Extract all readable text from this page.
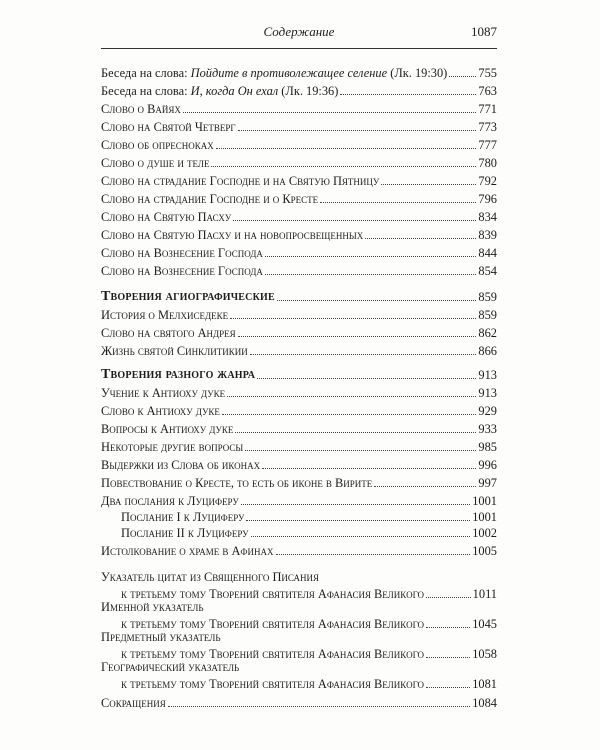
Содержание	1087
Беседа на слова: Пойдите в противолежащее селение (Лк. 19:30)	755
Беседа на слова: И, когда Он ехал (Лк. 19:36)	763
Слово о Вайях	771
Слово на Святой Четверг	773
Слово об опресноках	777
Слово о душе и теле	780
Слово на страдание Господне и на Святую Пятницу	792
Слово на страдание Господне и о Кресте	796
Слово на Святую Пасху	834
Слово на Святую Пасху и на новопросвещенных	839
Слово на Вознесение Господа	844
Слово на Вознесение Господа	854
Творения агиографические	859
История о Мелхиседеке	859
Слово на святого Андрея	862
Жизнь святой Синклитикии	866
Творения разного жанра	913
Учение к Антиоху дуке	913
Слово к Антиоху дуке	929
Вопросы к Антиоху дуке	933
Некоторые другие вопросы	985
Выдержки из Слова об иконах	996
Повествование о Кресте, то есть об иконе в Вирите	997
Два послания к Луциферу	1001
Послание I к Луциферу	1001
Послание II к Луциферу	1002
Истолкование о храме в Афинах	1005
Указатель цитат из Священного Писания
к третьему тому Творений святителя Афанасия Великого	1011
Именной указатель
к третьему тому Творений святителя Афанасия Великого	1045
Предметный указатель
к третьему тому Творений святителя Афанасия Великого	1058
Географический указатель
к третьему тому Творений святителя Афанасия Великого	1081
Сокращения	1084
